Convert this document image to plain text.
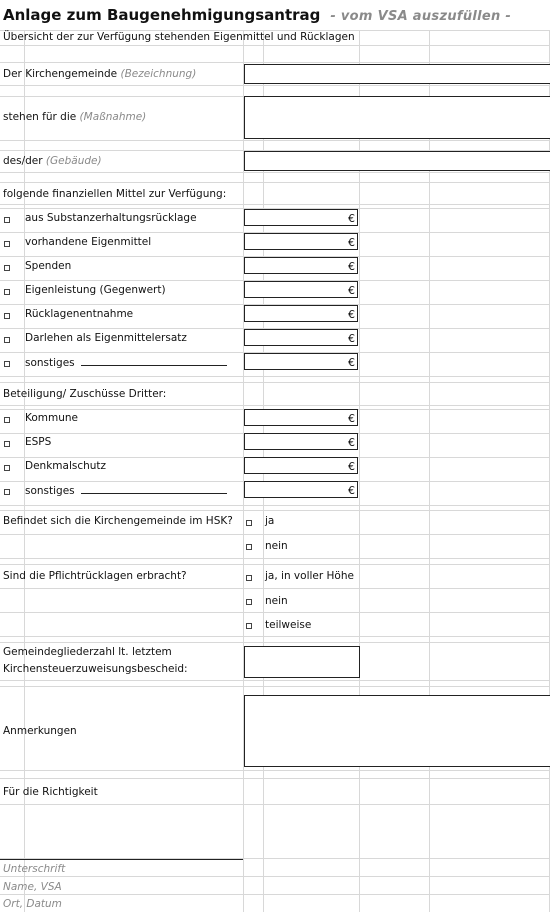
Anlage zum Baugenehmigungsantrag - vom VSA auszufüllen -
Übersicht der zur Verfügung stehenden Eigenmittel und Rücklagen
Der Kirchengemeinde (Bezeichnung)
stehen für die (Maßnahme)
des/der (Gebäude)
folgende finanziellen Mittel zur Verfügung:
aus Substanzerhaltungsrücklage	€
vorhandene Eigenmittel	€
Spenden	€
Eigenleistung (Gegenwert)	€
Rücklagenentnahme	€
Darlehen als Eigenmittelersatz	€
sonstiges	€
Beteiligung/ Zuschüsse Dritter:
Kommune	€
ESPS	€
Denkmalschutz	€
sonstiges	€
Befindet sich die Kirchengemeinde im HSK?	ja
nein
Sind die Pflichtrücklagen erbracht?	ja, in voller Höhe
nein
teilweise
Gemeindegliederzahl lt. letztem
Kirchensteuerzuweisungsbescheid:
Anmerkungen
Für die Richtigkeit
Unterschrift
Name, VSA
Ort, Datum
